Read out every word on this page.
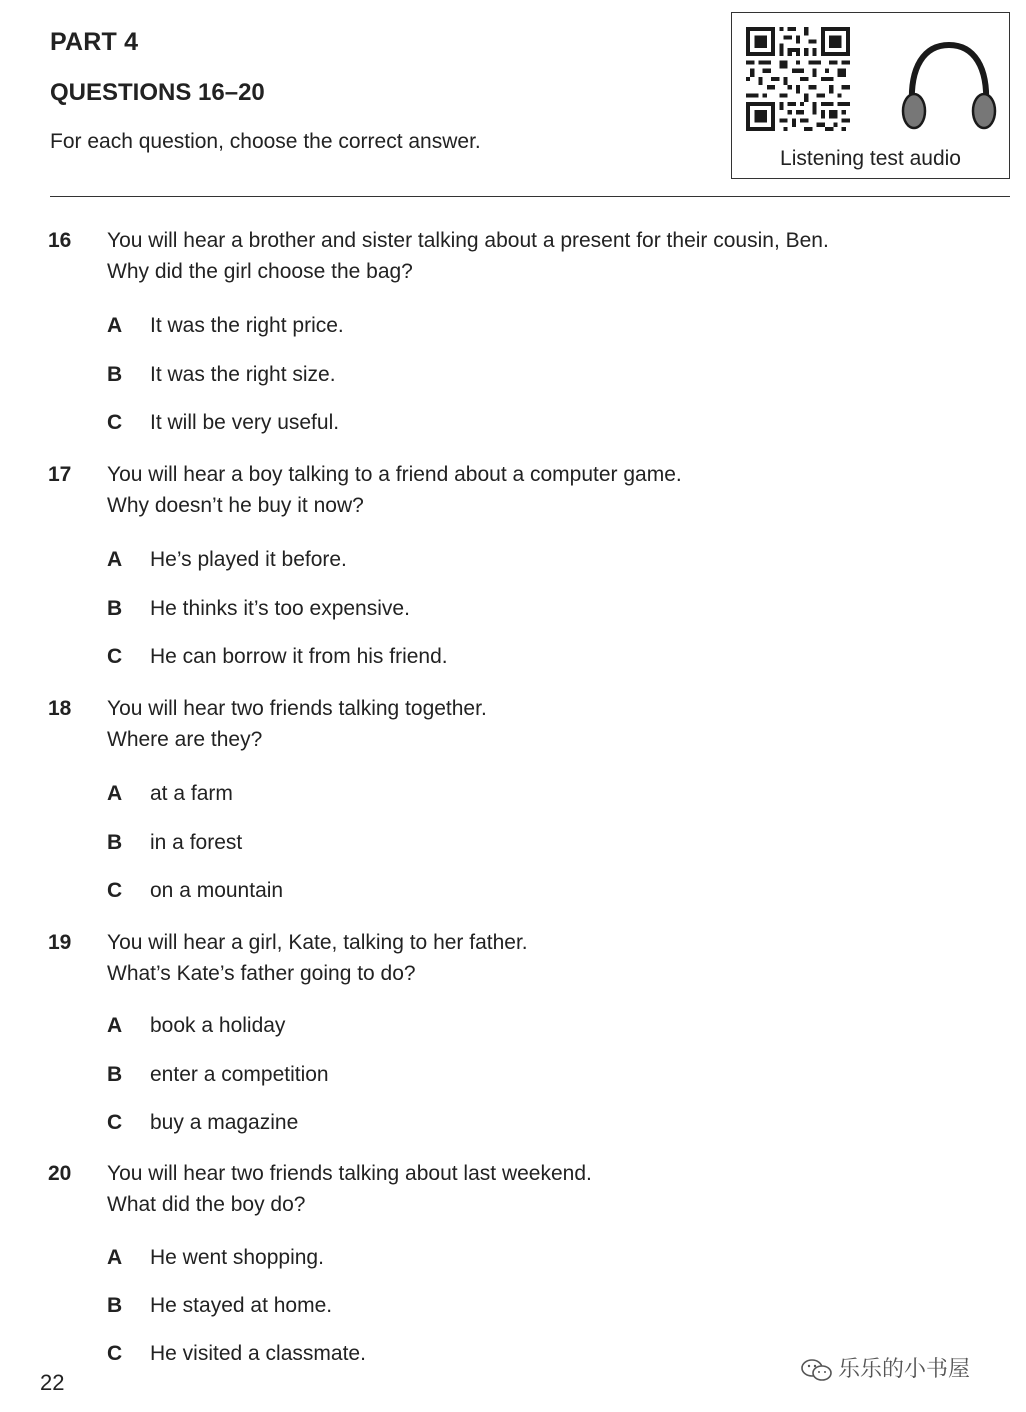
PART 4
QUESTIONS 16–20
For each question, choose the correct answer.
Listening test audio
16 You will hear a brother and sister talking about a present for their cousin, Ben.
Why did the girl choose the bag?
A It was the right price.
B It was the right size.
C It will be very useful.
17 You will hear a boy talking to a friend about a computer game.
Why doesn’t he buy it now?
A He’s played it before.
B He thinks it’s too expensive.
C He can borrow it from his friend.
18 You will hear two friends talking together.
Where are they?
A at a farm
B in a forest
C on a mountain
19 You will hear a girl, Kate, talking to her father.
What’s Kate’s father going to do?
A book a holiday
B enter a competition
C buy a magazine
20 You will hear two friends talking about last weekend.
What did the boy do?
A He went shopping.
B He stayed at home.
C He visited a classmate.
22
乐乐的小书屋
